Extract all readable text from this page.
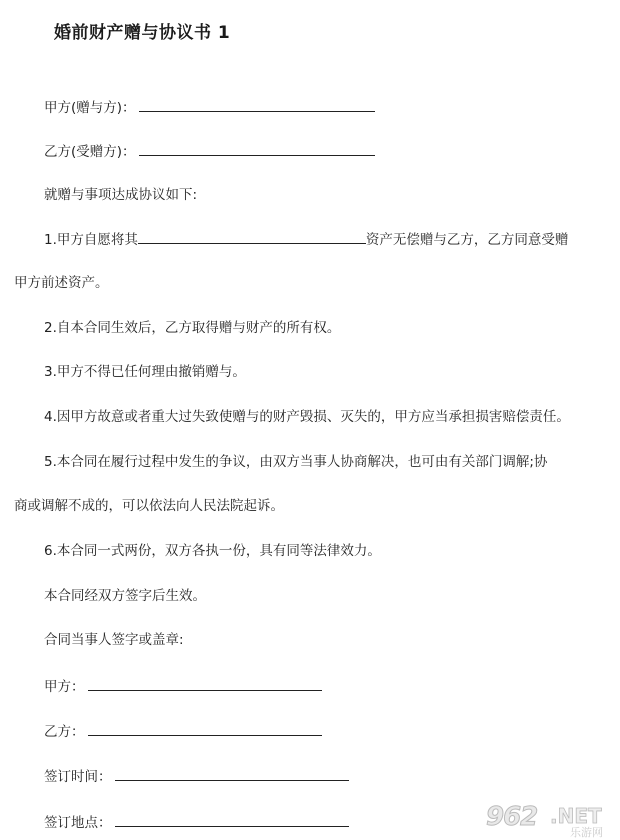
婚前财产赠与协议书 1
甲方(赠与方)：
乙方(受赠方)：
就赠与事项达成协议如下:
1.甲方自愿将其	资产无偿赠与乙方，乙方同意受赠
甲方前述资产。
2.自本合同生效后，乙方取得赠与财产的所有权。
3.甲方不得已任何理由撤销赠与。
4.因甲方故意或者重大过失致使赠与的财产毁损、灭失的，甲方应当承担损害赔偿责任。
5.本合同在履行过程中发生的争议，由双方当事人协商解决，也可由有关部门调解;协
商或调解不成的，可以依法向人民法院起诉。
6.本合同一式两份，双方各执一份，具有同等法律效力。
本合同经双方签字后生效。
合同当事人签字或盖章:
甲方：
乙方：
签订时间：
签订地点：	962 .NET
乐游网
